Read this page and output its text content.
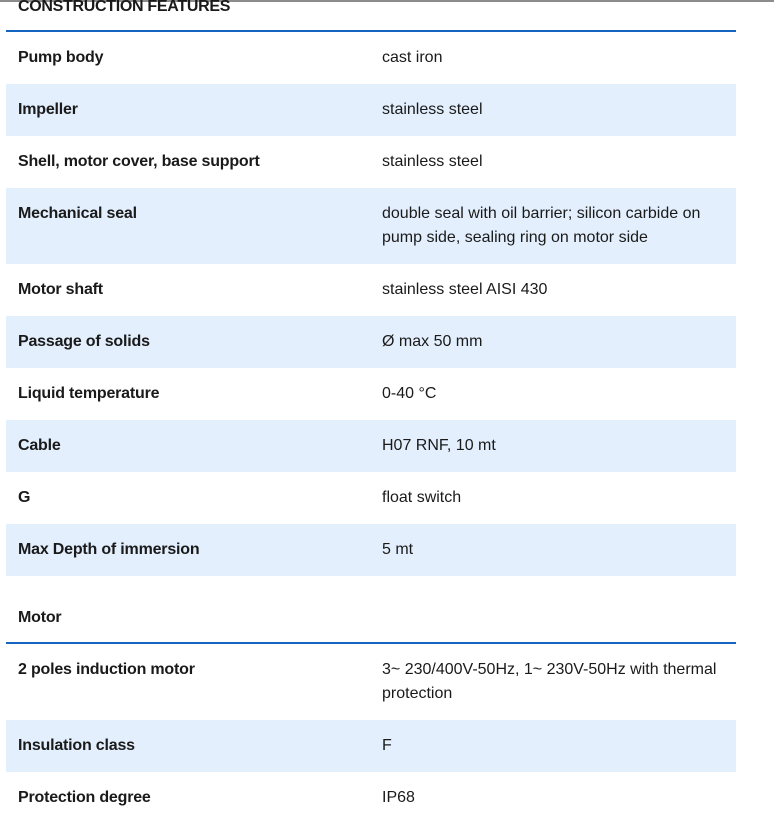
CONSTRUCTION FEATURES
Pump body	cast iron
Impeller	stainless steel
Shell, motor cover, base support	stainless steel
Mechanical seal	double seal with oil barrier; silicon carbide on pump side, sealing ring on motor side
Motor shaft	stainless steel AISI 430
Passage of solids	Ø max 50 mm
Liquid temperature	0-40 °C
Cable	H07 RNF, 10 mt
G	float switch
Max Depth of immersion	5 mt
Motor
2 poles induction motor	3~ 230/400V-50Hz, 1~ 230V-50Hz with thermal protection
Insulation class	F
Protection degree	IP68
